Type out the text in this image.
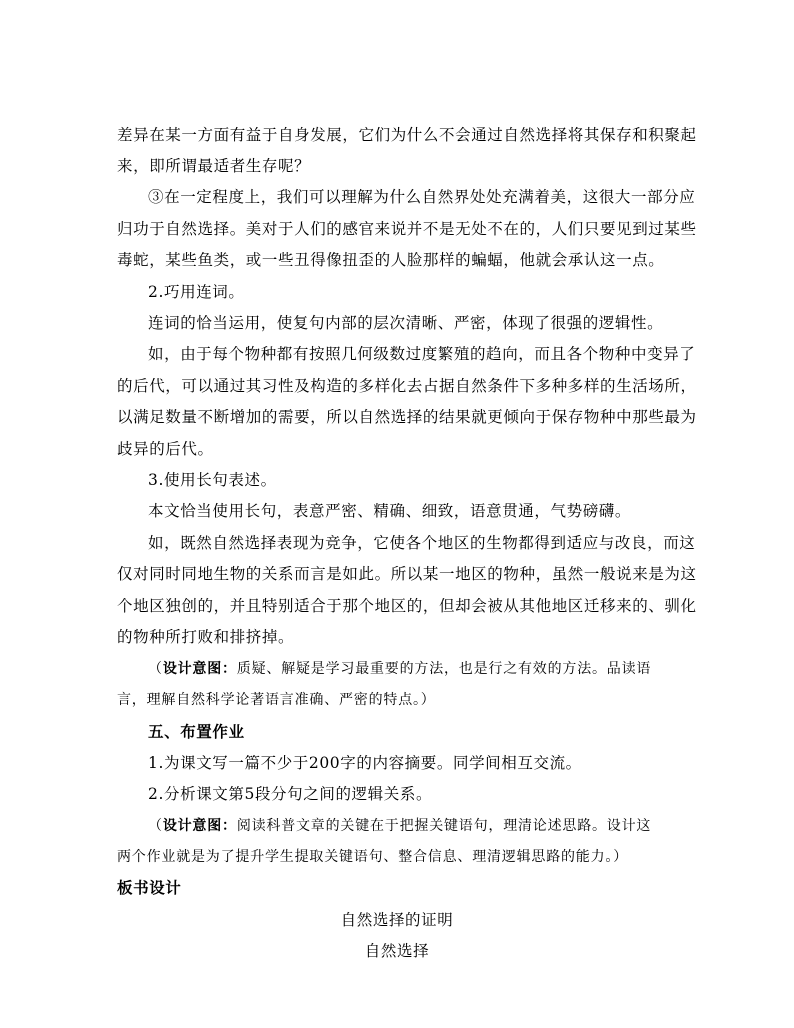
差异在某一方面有益于自身发展，它们为什么不会通过自然选择将其保存和积聚起
来，即所谓最适者生存呢？
③在一定程度上，我们可以理解为什么自然界处处充满着美，这很大一部分应
归功于自然选择。美对于人们的感官来说并不是无处不在的，人们只要见到过某些
毒蛇，某些鱼类，或一些丑得像扭歪的人脸那样的蝙蝠，他就会承认这一点。
2.巧用连词。
连词的恰当运用，使复句内部的层次清晰、严密，体现了很强的逻辑性。
如，由于每个物种都有按照几何级数过度繁殖的趋向，而且各个物种中变异了
的后代，可以通过其习性及构造的多样化去占据自然条件下多种多样的生活场所，
以满足数量不断增加的需要，所以自然选择的结果就更倾向于保存物种中那些最为
歧异的后代。
3.使用长句表述。
本文恰当使用长句，表意严密、精确、细致，语意贯通，气势磅礴。
如，既然自然选择表现为竞争，它使各个地区的生物都得到适应与改良，而这
仅对同时同地生物的关系而言是如此。所以某一地区的物种，虽然一般说来是为这
个地区独创的，并且特别适合于那个地区的，但却会被从其他地区迁移来的、驯化
的物种所打败和排挤掉。
（设计意图：质疑、解疑是学习最重要的方法，也是行之有效的方法。品读语
言，理解自然科学论著语言准确、严密的特点。）
五、布置作业
1.为课文写一篇不少于200字的内容摘要。同学间相互交流。
2.分析课文第5段分句之间的逻辑关系。
（设计意图：阅读科普文章的关键在于把握关键语句，理清论述思路。设计这
两个作业就是为了提升学生提取关键语句、整合信息、理清逻辑思路的能力。）
板书设计
自然选择的证明
自然选择
